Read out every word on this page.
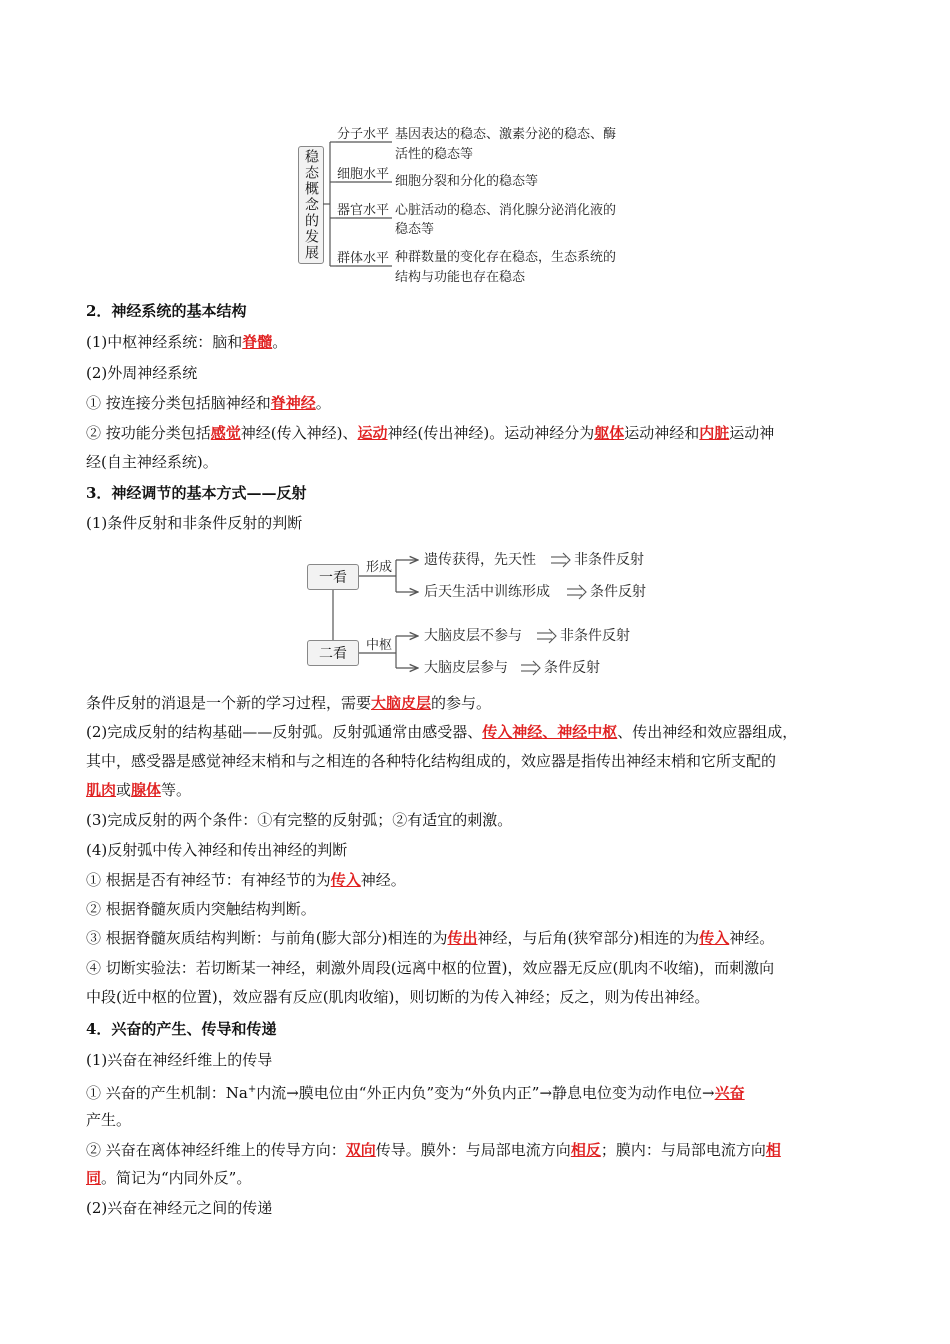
稳态概念的发展
分子水平 基因表达的稳态、激素分泌的稳态、酶
活性的稳态等
细胞水平 细胞分裂和分化的稳态等
器官水平 心脏活动的稳态、消化腺分泌消化液的
稳态等
群体水平 种群数量的变化存在稳态，生态系统的
结构与功能也存在稳态
2．神经系统的基本结构
(1)中枢神经系统：脑和脊髓。
(2)外周神经系统
① 按连接分类包括脑神经和脊神经。
② 按功能分类包括感觉神经(传入神经)、运动神经(传出神经)。运动神经分为躯体运动神经和内脏运动神
经(自主神经系统)。
3．神经调节的基本方式——反射
(1)条件反射和非条件反射的判断
一看
二看
形成
中枢
遗传获得，先天性	非条件反射
后天生活中训练形成	条件反射
大脑皮层不参与	非条件反射
大脑皮层参与	条件反射
条件反射的消退是一个新的学习过程，需要大脑皮层的参与。
(2)完成反射的结构基础——反射弧。反射弧通常由感受器、传入神经、神经中枢、传出神经和效应器组成，
其中，感受器是感觉神经末梢和与之相连的各种特化结构组成的，效应器是指传出神经末梢和它所支配的
肌肉或腺体等。
(3)完成反射的两个条件：①有完整的反射弧；②有适宜的刺激。
(4)反射弧中传入神经和传出神经的判断
① 根据是否有神经节：有神经节的为传入神经。
② 根据脊髓灰质内突触结构判断。
③ 根据脊髓灰质结构判断：与前角(膨大部分)相连的为传出神经，与后角(狭窄部分)相连的为传入神经。
④ 切断实验法：若切断某一神经，刺激外周段(远离中枢的位置)，效应器无反应(肌肉不收缩)，而刺激向
中段(近中枢的位置)，效应器有反应(肌肉收缩)，则切断的为传入神经；反之，则为传出神经。
4．兴奋的产生、传导和传递
(1)兴奋在神经纤维上的传导
① 兴奋的产生机制：Na+内流→膜电位由“外正内负”变为“外负内正”→静息电位变为动作电位→兴奋
产生。
② 兴奋在离体神经纤维上的传导方向：双向传导。膜外：与局部电流方向相反；膜内：与局部电流方向相
同。简记为“内同外反”。
(2)兴奋在神经元之间的传递
